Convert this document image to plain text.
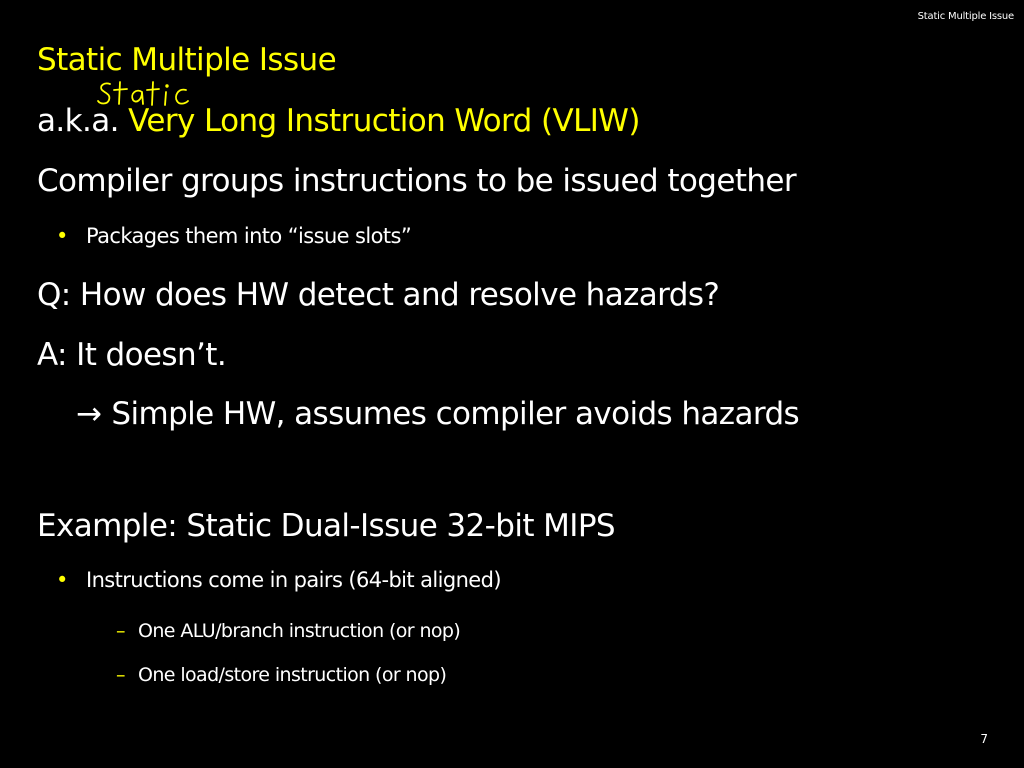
Static Multiple Issue
Static Multiple Issue
a.k.a. Very Long Instruction Word (VLIW)
Compiler groups instructions to be issued together
• Packages them into “issue slots”
Q: How does HW detect and resolve hazards?
A: It doesn’t.
→ Simple HW, assumes compiler avoids hazards
Example: Static Dual-Issue 32-bit MIPS
• Instructions come in pairs (64-bit aligned)
– One ALU/branch instruction (or nop)
– One load/store instruction (or nop)
7
